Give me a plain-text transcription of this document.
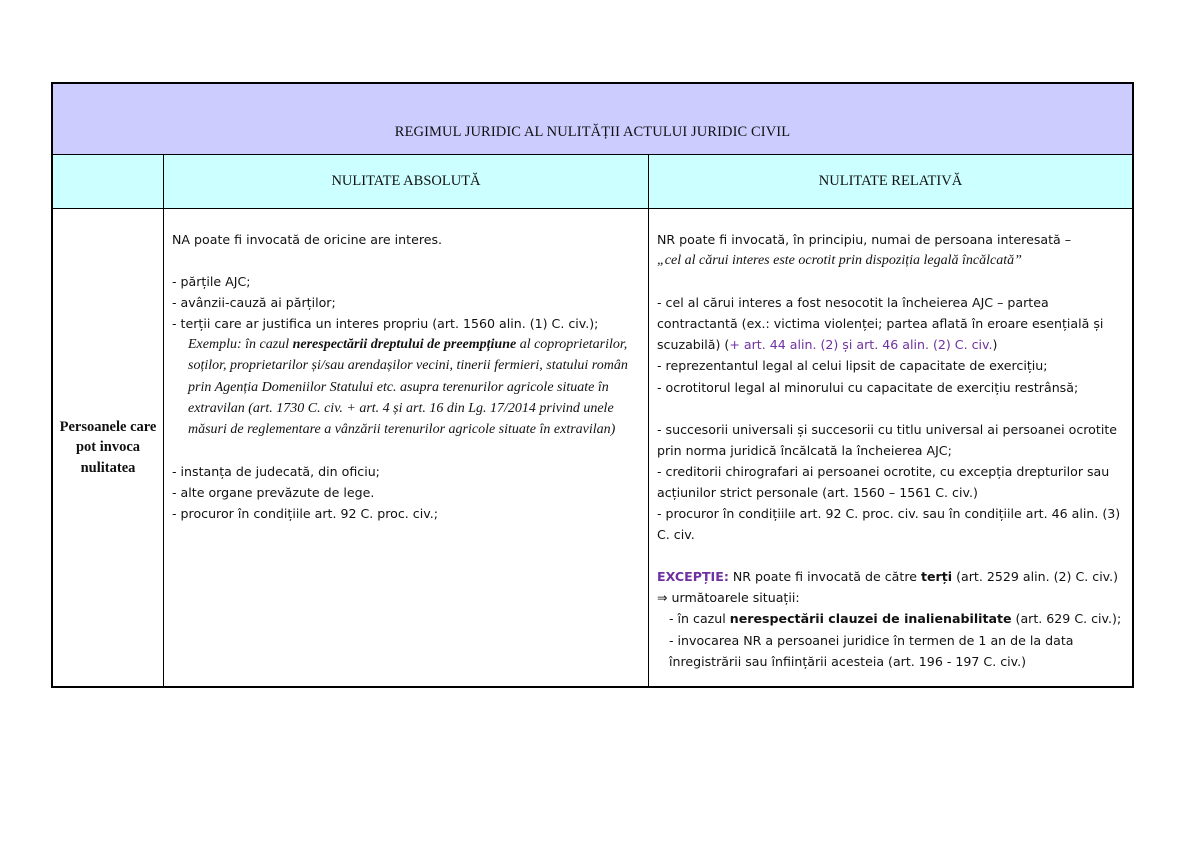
REGIMUL JURIDIC AL NULITĂȚII ACTULUI JURIDIC CIVIL
NULITATE ABSOLUTĂ	NULITATE RELATIVĂ
Persoanele care pot invoca nulitatea

NA poate fi invocată de oricine are interes.

- părțile AJC;

- avânzii-cauză ai părților;

- terții care ar justifica un interes propriu (art. 1560 alin. (1) C. civ.);

Exemplu: în cazul nerespectării dreptului de preempțiune al coproprietarilor, soților, proprietarilor și/sau arendașilor vecini, tinerii fermieri, statului român prin Agenția Domeniilor Statului etc. asupra terenurilor agricole situate în extravilan (art. 1730 C. civ. + art. 4 și art. 16 din Lg. 17/2014 privind unele măsuri de reglementare a vânzării terenurilor agricole situate în extravilan)

- instanța de judecată, din oficiu;

- alte organe prevăzute de lege.

- procuror în condițiile art. 92 C. proc. civ.;

NR poate fi invocată, în principiu, numai de persoana interesată –

„cel al cărui interes este ocrotit prin dispoziția legală încălcată”

- cel al cărui interes a fost nesocotit la încheierea AJC – partea contractantă (ex.: victima violenței; partea aflată în eroare esențială și scuzabilă) (+ art. 44 alin. (2) și art. 46 alin. (2) C. civ.)

- reprezentantul legal al celui lipsit de capacitate de exercițiu;

- ocrotitorul legal al minorului cu capacitate de exercițiu restrânsă;

- succesorii universali și succesorii cu titlu universal ai persoanei ocrotite prin norma juridică încălcată la încheierea AJC;

- creditorii chirografari ai persoanei ocrotite, cu excepția drepturilor sau acțiunilor strict personale (art. 1560 – 1561 C. civ.)

- procuror în condițiile art. 92 C. proc. civ. sau în condițiile art. 46 alin. (3) C. civ.

EXCEPȚIE: NR poate fi invocată de către terți (art. 2529 alin. (2) C. civ.) ⇒ următoarele situații:

- în cazul nerespectării clauzei de inalienabilitate (art. 629 C. civ.);

- invocarea NR a persoanei juridice în termen de 1 an de la data înregistrării sau înființării acesteia (art. 196 - 197 C. civ.)
